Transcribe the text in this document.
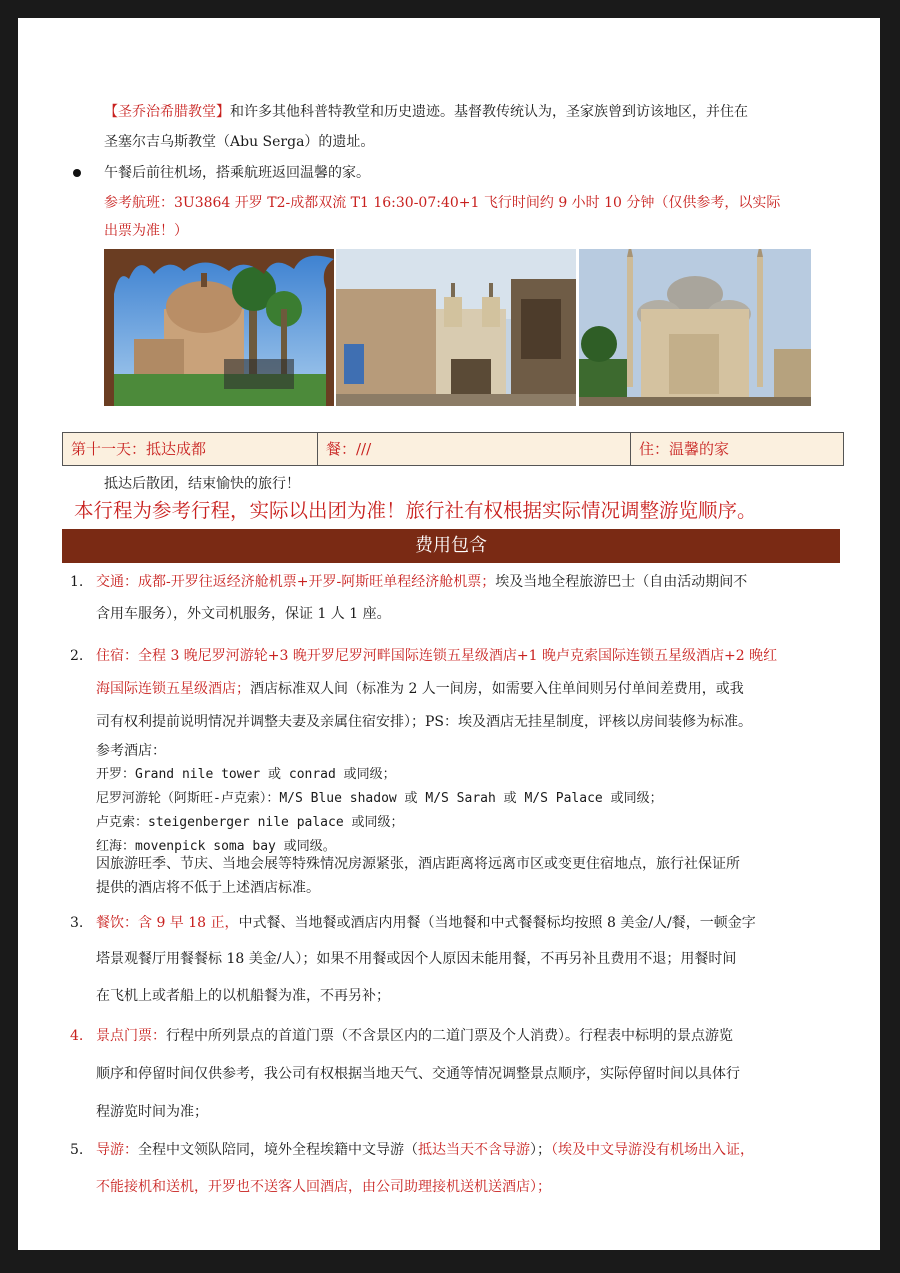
【圣乔治希腊教堂】和许多其他科普特教堂和历史遗迹。基督教传统认为，圣家族曾到访该地区，并住在
圣塞尔吉乌斯教堂（Abu Serga）的遗址。
午餐后前往机场，搭乘航班返回温馨的家。
参考航班：3U3864 开罗 T2-成都双流 T1 16:30-07:40+1 飞行时间约 9 小时 10 分钟（仅供参考，以实际
出票为准！）
第十一天：抵达成都	餐：///	住：温馨的家
抵达后散团，结束愉快的旅行！
本行程为参考行程，实际以出团为准！旅行社有权根据实际情况调整游览顺序。
费用包含
1. 交通：成都-开罗往返经济舱机票+开罗-阿斯旺单程经济舱机票；埃及当地全程旅游巴士（自由活动期间不
含用车服务），外文司机服务，保证 1 人 1 座。
2. 住宿：全程 3 晚尼罗河游轮+3 晚开罗尼罗河畔国际连锁五星级酒店+1 晚卢克索国际连锁五星级酒店+2 晚红
海国际连锁五星级酒店；酒店标准双人间（标准为 2 人一间房，如需要入住单间则另付单间差费用，或我
司有权利提前说明情况并调整夫妻及亲属住宿安排）；PS：埃及酒店无挂星制度，评核以房间装修为标准。
参考酒店：
开罗：Grand nile tower 或 conrad 或同级；
尼罗河游轮（阿斯旺-卢克索）：M/S Blue shadow 或 M/S Sarah 或 M/S Palace 或同级；
卢克索：steigenberger nile palace 或同级；
红海：movenpick soma bay 或同级。
因旅游旺季、节庆、当地会展等特殊情况房源紧张，酒店距离将远离市区或变更住宿地点，旅行社保证所
提供的酒店将不低于上述酒店标准。
3. 餐饮：含 9 早 18 正，中式餐、当地餐或酒店内用餐（当地餐和中式餐餐标均按照 8 美金/人/餐，一顿金字
塔景观餐厅用餐餐标 18 美金/人）；如果不用餐或因个人原因未能用餐，不再另补且费用不退；用餐时间
在飞机上或者船上的以机船餐为准，不再另补；
4. 景点门票：行程中所列景点的首道门票（不含景区内的二道门票及个人消费）。行程表中标明的景点游览
顺序和停留时间仅供参考，我公司有权根据当地天气、交通等情况调整景点顺序，实际停留时间以具体行
程游览时间为准；
5. 导游：全程中文领队陪同，境外全程埃籍中文导游（抵达当天不含导游）；（埃及中文导游没有机场出入证，
不能接机和送机，开罗也不送客人回酒店，由公司助理接机送机送酒店）；
